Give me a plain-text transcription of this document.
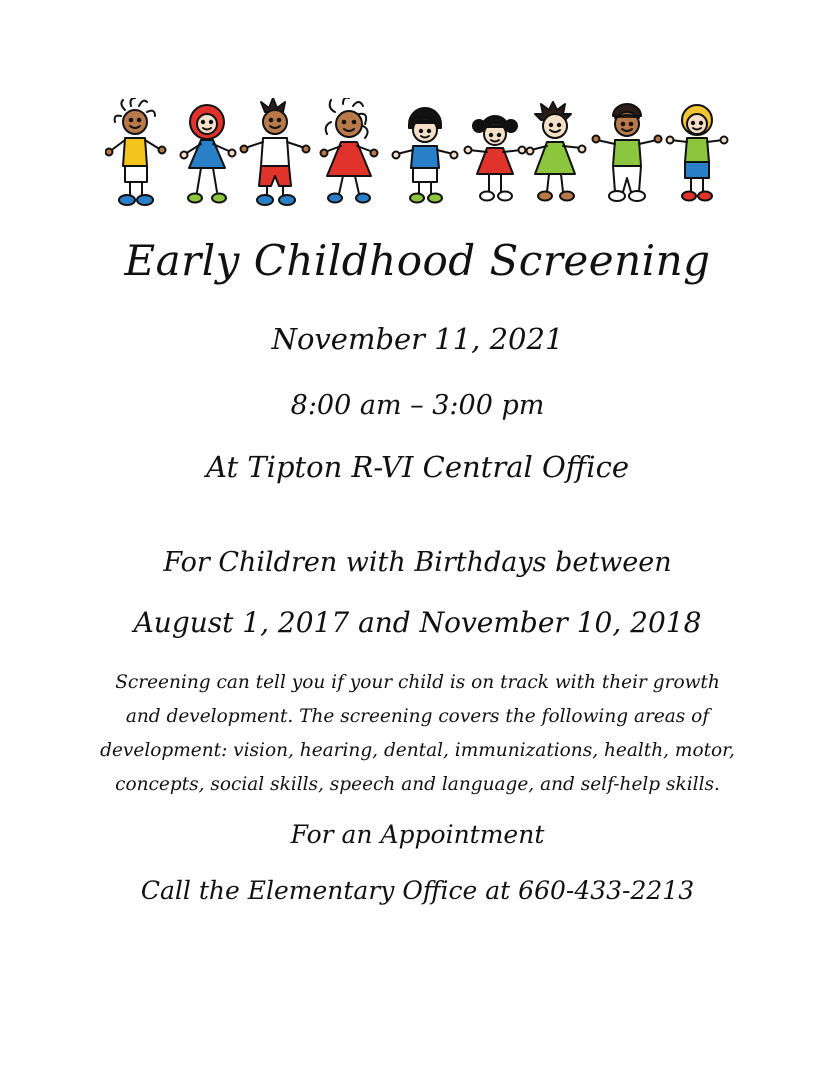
Early Childhood Screening
November 11, 2021
8:00 am – 3:00 pm
At Tipton R-VI Central Office
For Children with Birthdays between
August 1, 2017 and November 10, 2018
Screening can tell you if your child is on track with their growth and development. The screening covers the following areas of development: vision, hearing, dental, immunizations, health, motor, concepts, social skills, speech and language, and self-help skills.
For an Appointment
Call the Elementary Office at 660-433-2213
